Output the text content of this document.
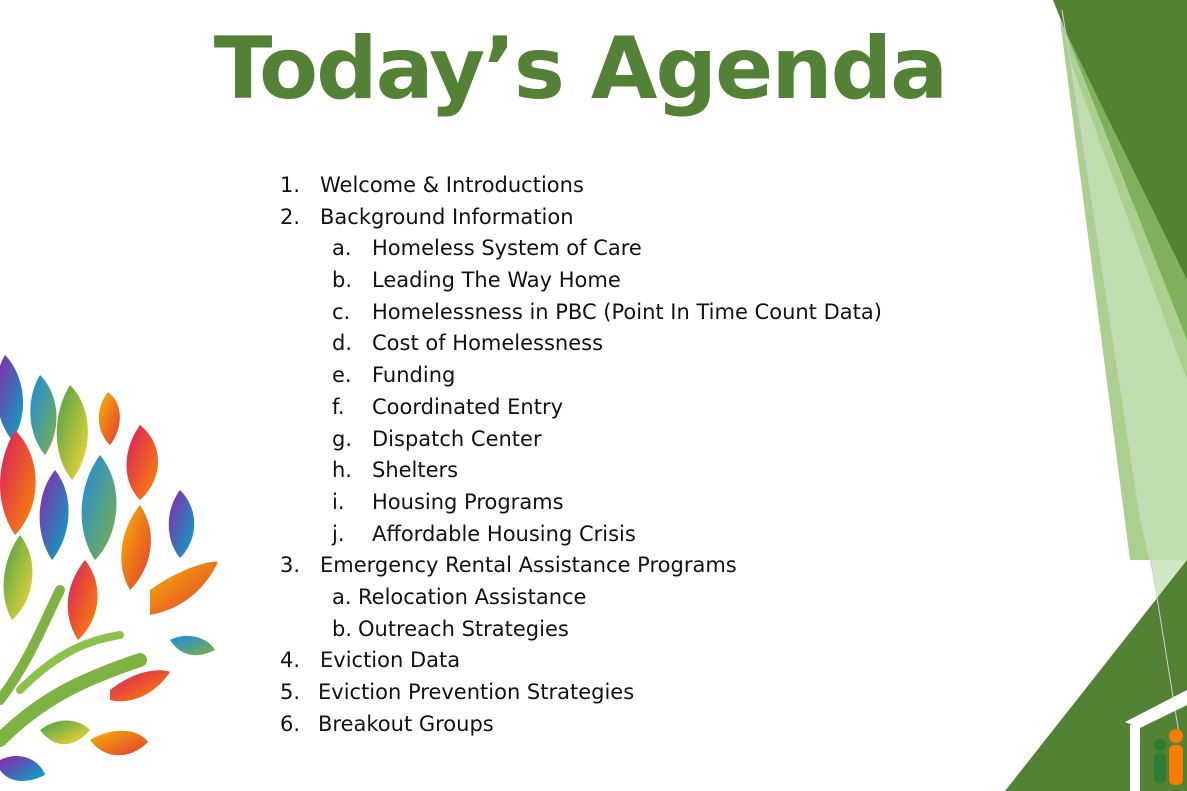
Today’s Agenda
1. Welcome & Introductions
2. Background Information
a. Homeless System of Care
b. Leading The Way Home
c. Homelessness in PBC (Point In Time Count Data)
d. Cost of Homelessness
e. Funding
f. Coordinated Entry
g. Dispatch Center
h. Shelters
i. Housing Programs
j. Affordable Housing Crisis
3. Emergency Rental Assistance Programs
a. Relocation Assistance
b. Outreach Strategies
4. Eviction Data
5. Eviction Prevention Strategies
6. Breakout Groups
